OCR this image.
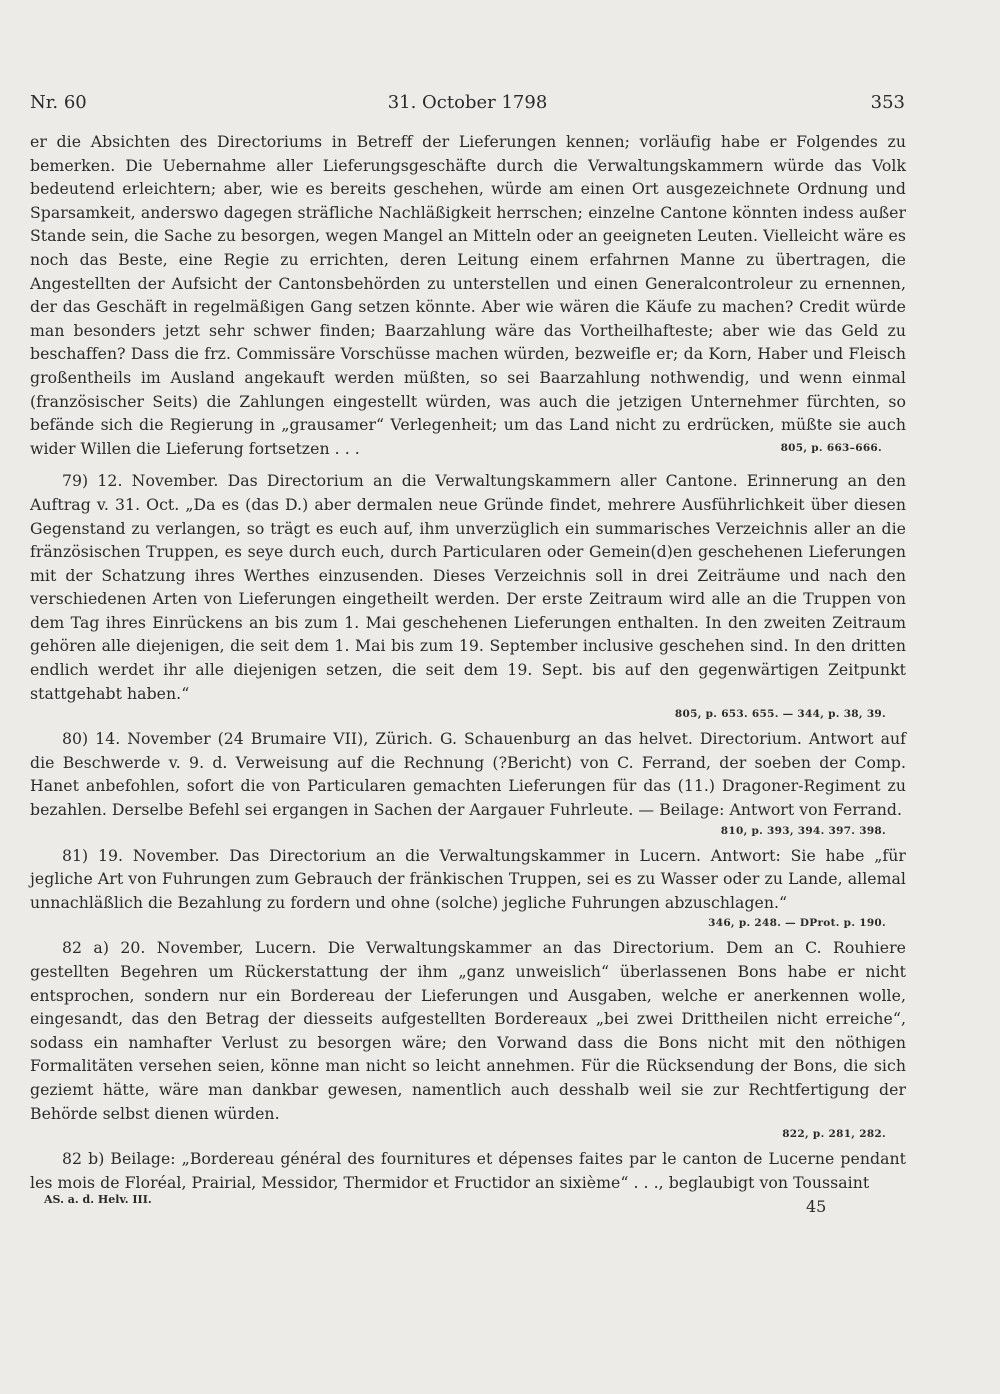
Nr. 60	31. October 1798	353

er die Absichten des Directoriums in Betreff der Lieferungen kennen; vorläufig habe er Folgendes zu bemerken. Die Uebernahme aller Lieferungsgeschäfte durch die Verwaltungskammern würde das Volk bedeutend erleichtern; aber, wie es bereits geschehen, würde am einen Ort ausgezeichnete Ordnung und Sparsamkeit, anderswo dagegen sträfliche Nachläßigkeit herrschen; einzelne Cantone könnten indess außer Stande sein, die Sache zu besorgen, wegen Mangel an Mitteln oder an geeigneten Leuten. Vielleicht wäre es noch das Beste, eine Regie zu errichten, deren Leitung einem erfahrnen Manne zu übertragen, die Angestellten der Aufsicht der Cantonsbehörden zu unterstellen und einen Generalcontroleur zu ernennen, der das Geschäft in regelmäßigen Gang setzen könnte. Aber wie wären die Käufe zu machen? Credit würde man besonders jetzt sehr schwer finden; Baarzahlung wäre das Vortheilhafteste; aber wie das Geld zu beschaffen? Dass die frz. Commissäre Vorschüsse machen würden, bezweifle er; da Korn, Haber und Fleisch großentheils im Ausland angekauft werden müßten, so sei Baarzahlung nothwendig, und wenn einmal (französischer Seits) die Zahlungen eingestellt würden, was auch die jetzigen Unternehmer fürchten, so befände sich die Regierung in „grausamer“ Verlegenheit; um das Land nicht zu erdrücken, müßte sie auch wider Willen die Lieferung fortsetzen . . .	805, p. 663–666.

79) 12. November. Das Directorium an die Verwaltungskammern aller Cantone. Erinnerung an den Auftrag v. 31. Oct. „Da es (das D.) aber dermalen neue Gründe findet, mehrere Ausführlichkeit über diesen Gegenstand zu verlangen, so trägt es euch auf, ihm unverzüglich ein summarisches Verzeichnis aller an die fränzösischen Truppen, es seye durch euch, durch Particularen oder Gemein(d)en geschehenen Lieferungen mit der Schatzung ihres Werthes einzusenden. Dieses Verzeichnis soll in drei Zeiträume und nach den verschiedenen Arten von Lieferungen eingetheilt werden. Der erste Zeitraum wird alle an die Truppen von dem Tag ihres Einrückens an bis zum 1. Mai geschehenen Lieferungen enthalten. In den zweiten Zeitraum gehören alle diejenigen, die seit dem 1. Mai bis zum 19. September inclusive geschehen sind. In den dritten endlich werdet ihr alle diejenigen setzen, die seit dem 19. Sept. bis auf den gegenwärtigen Zeitpunkt stattgehabt haben.“

805, p. 653. 655. — 344, p. 38, 39.

80) 14. November (24 Brumaire VII), Zürich. G. Schauenburg an das helvet. Directorium. Antwort auf die Beschwerde v. 9. d. Verweisung auf die Rechnung (?Bericht) von C. Ferrand, der soeben der Comp. Hanet anbefohlen, sofort die von Particularen gemachten Lieferungen für das (11.) Dragoner-Regiment zu bezahlen. Derselbe Befehl sei ergangen in Sachen der Aargauer Fuhrleute. — Beilage: Antwort von Ferrand.

810, p. 393, 394. 397. 398.

81) 19. November. Das Directorium an die Verwaltungskammer in Lucern. Antwort: Sie habe „für jegliche Art von Fuhrungen zum Gebrauch der fränkischen Truppen, sei es zu Wasser oder zu Lande, allemal unnachläßlich die Bezahlung zu fordern und ohne (solche) jegliche Fuhrungen abzuschlagen.“

346, p. 248. — DProt. p. 190.

82 a) 20. November, Lucern. Die Verwaltungskammer an das Directorium. Dem an C. Rouhiere gestellten Begehren um Rückerstattung der ihm „ganz unweislich“ überlassenen Bons habe er nicht entsprochen, sondern nur ein Bordereau der Lieferungen und Ausgaben, welche er anerkennen wolle, eingesandt, das den Betrag der diesseits aufgestellten Bordereaux „bei zwei Drittheilen nicht erreiche“, sodass ein namhafter Verlust zu besorgen wäre; den Vorwand dass die Bons nicht mit den nöthigen Formalitäten versehen seien, könne man nicht so leicht annehmen. Für die Rücksendung der Bons, die sich geziemt hätte, wäre man dankbar gewesen, namentlich auch desshalb weil sie zur Rechtfertigung der Behörde selbst dienen würden.

822, p. 281, 282.

82 b) Beilage: „Bordereau général des fournitures et dépenses faites par le canton de Lucerne pendant les mois de Floréal, Prairial, Messidor, Thermidor et Fructidor an sixième“ . . ., beglaubigt von Toussaint

AS. a. d. Helv. III.	45
